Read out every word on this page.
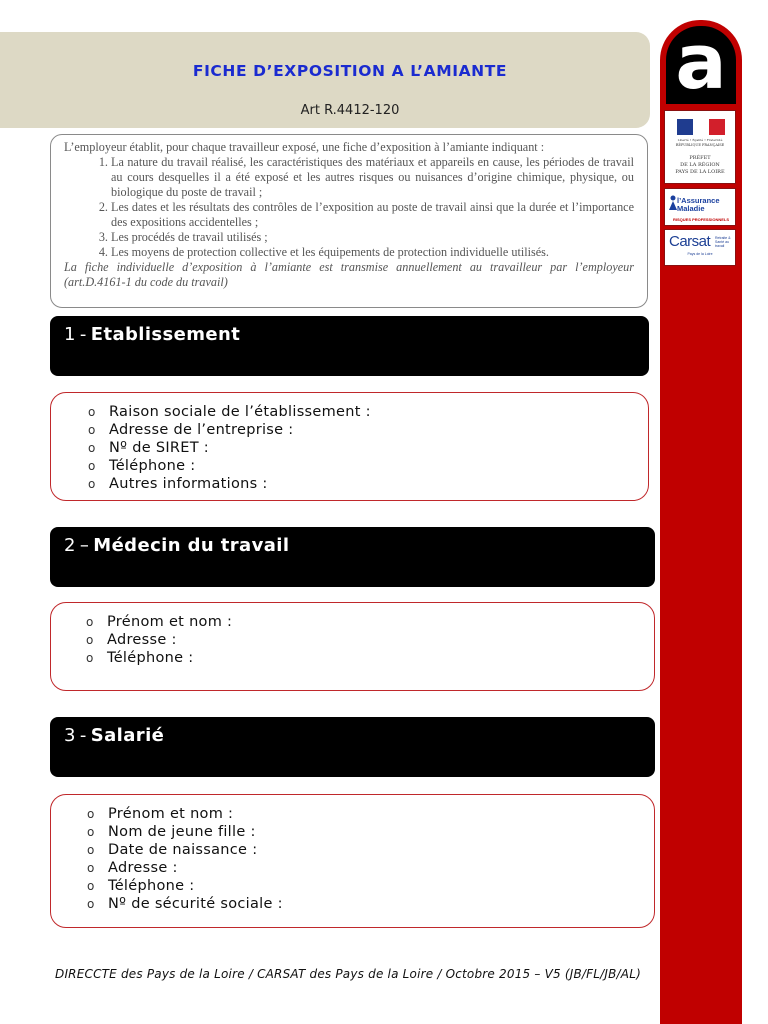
FICHE D’EXPOSITION A L’AMIANTE
Art R.4412-120

L’employeur établit, pour chaque travailleur exposé, une fiche d’exposition à l’amiante indiquant :

1. La nature du travail réalisé, les caractéristiques des matériaux et appareils en cause, les périodes de travail au cours desquelles il a été exposé et les autres risques ou nuisances d’origine chimique, physique, ou biologique du poste de travail ;
2. Les dates et les résultats des contrôles de l’exposition au poste de travail ainsi que la durée et l’importance des expositions accidentelles ;
3. Les procédés de travail utilisés ;
4. Les moyens de protection collective et les équipements de protection individuelle utilisés.

La fiche individuelle d’exposition à l’amiante est transmise annuellement au travailleur par l’employeur (art.D.4161-1 du code du travail)

1 - Etablissement
o Raison sociale de l’établissement :
o Adresse de l’entreprise :
o Nº de SIRET :
o Téléphone :
o Autres informations :
2 – Médecin du travail
o Prénom et nom :
o Adresse :
o Téléphone :
3 - Salarié
o Prénom et nom :
o Nom de jeune fille :
o Date de naissance :
o Adresse :
o Téléphone :
o Nº de sécurité sociale :
DIRECCTE des Pays de la Loire / CARSAT des Pays de la Loire / Octobre 2015 – V5 (JB/FL/JB/AL)
a
Liberté • Égalité • Fraternité
RÉPUBLIQUE FRANÇAISE
PRÉFET
DE LA RÉGION
PAYS DE LA LOIRE
l’Assurance
Maladie
RISQUES PROFESSIONNELS
Carsat Retraite & Santé au travail
Pays de la Loire
